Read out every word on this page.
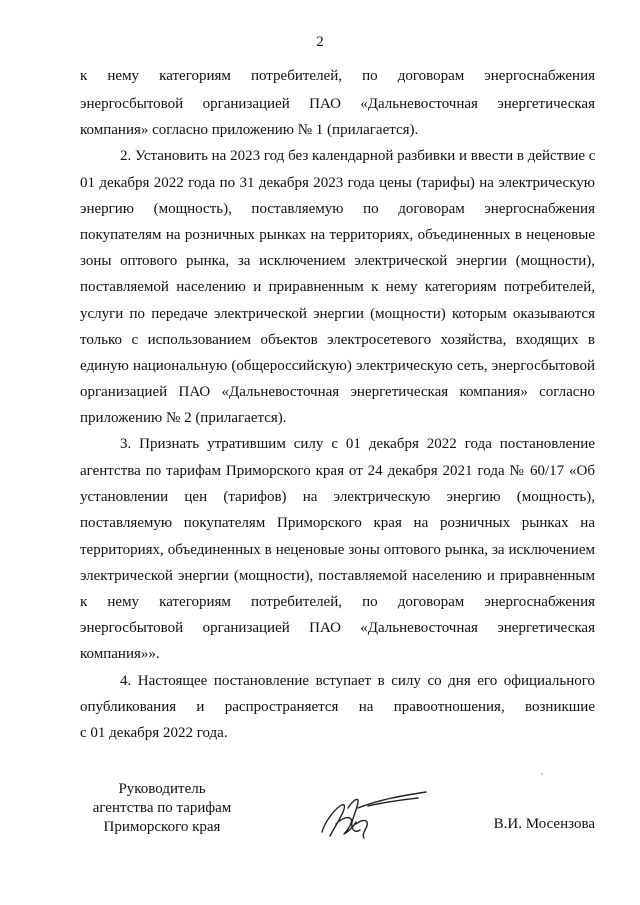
2
к нему категориям потребителей, по договорам энергоснабжения
энергосбытовой организацией ПАО «Дальневосточная энергетическая
компания» согласно приложению № 1 (прилагается).
2. Установить на 2023 год без календарной разбивки и ввести в действие с
01 декабря 2022 года по 31 декабря 2023 года цены (тарифы) на электрическую
энергию (мощность), поставляемую по договорам энергоснабжения
покупателям на розничных рынках на территориях, объединенных в неценовые
зоны оптового рынка, за исключением электрической энергии (мощности),
поставляемой населению и приравненным к нему категориям потребителей,
услуги по передаче электрической энергии (мощности) которым оказываются
только с использованием объектов электросетевого хозяйства, входящих в
единую национальную (общероссийскую) электрическую сеть, энергосбытовой
организацией ПАО «Дальневосточная энергетическая компания» согласно
приложению № 2 (прилагается).
3. Признать утратившим силу с 01 декабря 2022 года постановление
агентства по тарифам Приморского края от 24 декабря 2021 года № 60/17 «Об
установлении цен (тарифов) на электрическую энергию (мощность),
поставляемую покупателям Приморского края на розничных рынках на
территориях, объединенных в неценовые зоны оптового рынка, за исключением
электрической энергии (мощности), поставляемой населению и приравненным
к нему категориям потребителей, по договорам энергоснабжения
энергосбытовой организацией ПАО «Дальневосточная энергетическая
компания»».
4. Настоящее постановление вступает в силу со дня его официального
опубликования и распространяется на правоотношения, возникшие
с 01 декабря 2022 года.
Руководитель
агентства по тарифам
Приморского края	В.И. Мосензова
